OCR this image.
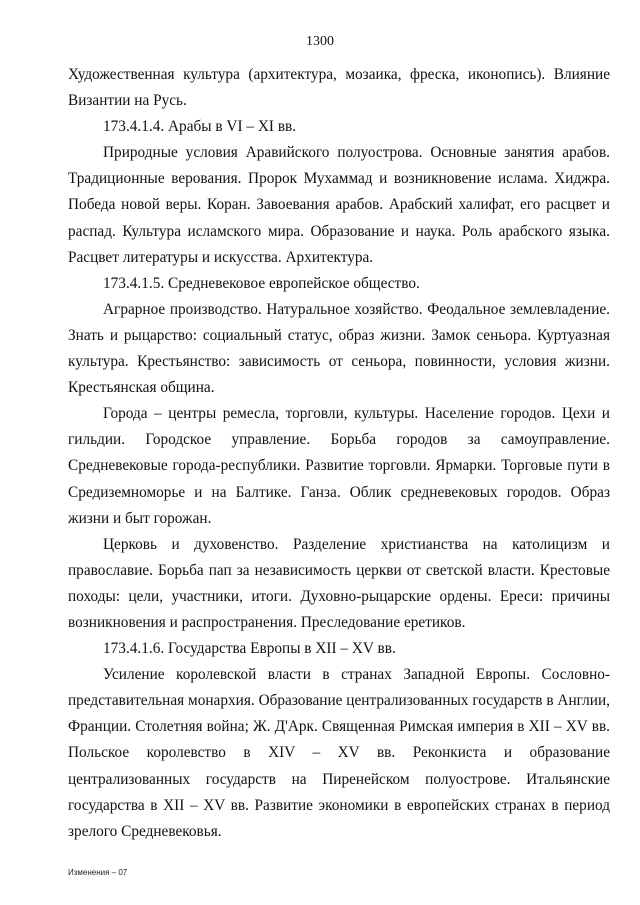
1300

Художественная культура (архитектура, мозаика, фреска, иконопись). Влияние Византии на Русь.

173.4.1.4. Арабы в VI – XI вв.

Природные условия Аравийского полуострова. Основные занятия арабов. Традиционные верования. Пророк Мухаммад и возникновение ислама. Хиджра. Победа новой веры. Коран. Завоевания арабов. Арабский халифат, его расцвет и распад. Культура исламского мира. Образование и наука. Роль арабского языка. Расцвет литературы и искусства. Архитектура.

173.4.1.5. Средневековое европейское общество.

Аграрное производство. Натуральное хозяйство. Феодальное землевладение. Знать и рыцарство: социальный статус, образ жизни. Замок сеньора. Куртуазная культура. Крестьянство: зависимость от сеньора, повинности, условия жизни. Крестьянская община.

Города – центры ремесла, торговли, культуры. Население городов. Цехи и гильдии. Городское управление. Борьба городов за самоуправление. Средневековые города-республики. Развитие торговли. Ярмарки. Торговые пути в Средиземноморье и на Балтике. Ганза. Облик средневековых городов. Образ жизни и быт горожан.

Церковь и духовенство. Разделение христианства на католицизм и православие. Борьба пап за независимость церкви от светской власти. Крестовые походы: цели, участники, итоги. Духовно-рыцарские ордены. Ереси: причины возникновения и распространения. Преследование еретиков.

173.4.1.6. Государства Европы в XII – XV вв.

Усиление королевской власти в странах Западной Европы. Сословно-представительная монархия. Образование централизованных государств в Англии, Франции. Столетняя война; Ж. Д'Арк. Священная Римская империя в XII – XV вв. Польское королевство в XIV – XV вв. Реконкиста и образование централизованных государств на Пиренейском полуострове. Итальянские государства в XII – XV вв. Развитие экономики в европейских странах в период зрелого Средневековья.

Изменения – 07
